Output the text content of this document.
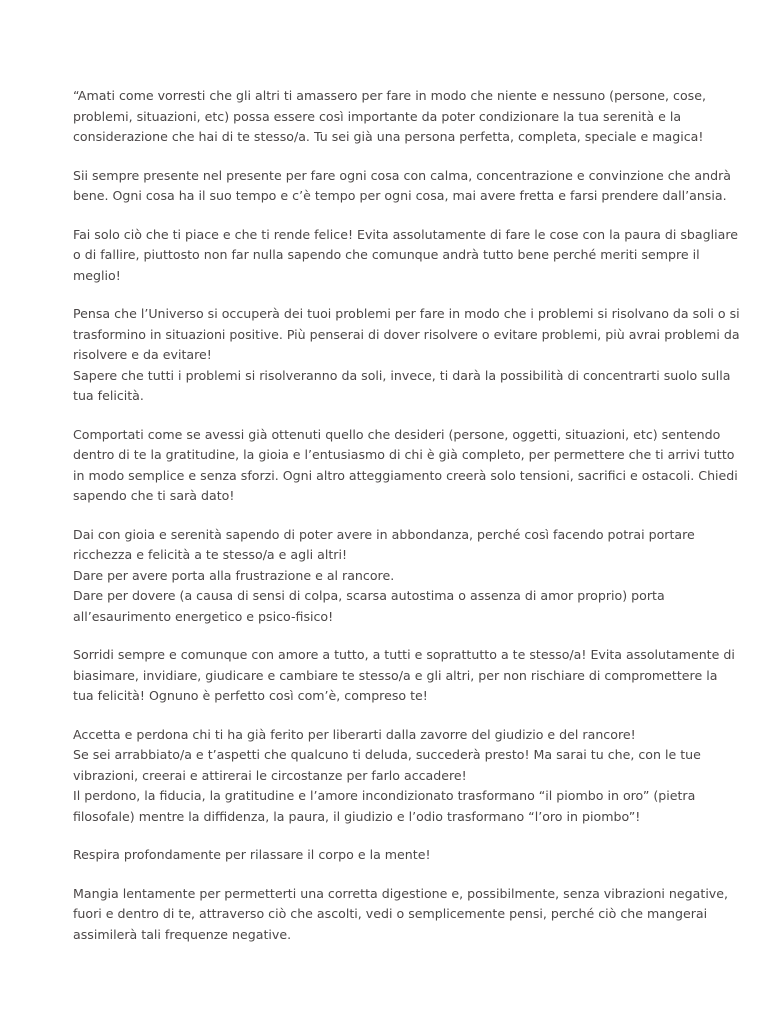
“Amati come vorresti che gli altri ti amassero per fare in modo che niente e nessuno (persone, cose,
problemi, situazioni, etc) possa essere così importante da poter condizionare la tua serenità e la
considerazione che hai di te stesso/a. Tu sei già una persona perfetta, completa, speciale e magica!

Sii sempre presente nel presente per fare ogni cosa con calma, concentrazione e convinzione che andrà
bene. Ogni cosa ha il suo tempo e c’è tempo per ogni cosa, mai avere fretta e farsi prendere dall’ansia.

Fai solo ciò che ti piace e che ti rende felice! Evita assolutamente di fare le cose con la paura di sbagliare
o di fallire, piuttosto non far nulla sapendo che comunque andrà tutto bene perché meriti sempre il
meglio!

Pensa che l’Universo si occuperà dei tuoi problemi per fare in modo che i problemi si risolvano da soli o si
trasformino in situazioni positive. Più penserai di dover risolvere o evitare problemi, più avrai problemi da
risolvere e da evitare!
Sapere che tutti i problemi si risolveranno da soli, invece, ti darà la possibilità di concentrarti suolo sulla
tua felicità.

Comportati come se avessi già ottenuti quello che desideri (persone, oggetti, situazioni, etc) sentendo
dentro di te la gratitudine, la gioia e l’entusiasmo di chi è già completo, per permettere che ti arrivi tutto
in modo semplice e senza sforzi. Ogni altro atteggiamento creerà solo tensioni, sacrifici e ostacoli. Chiedi
sapendo che ti sarà dato!

Dai con gioia e serenità sapendo di poter avere in abbondanza, perché così facendo potrai portare
ricchezza e felicità a te stesso/a e agli altri!
Dare per avere porta alla frustrazione e al rancore.
Dare per dovere (a causa di sensi di colpa, scarsa autostima o assenza di amor proprio) porta
all’esaurimento energetico e psico-fisico!

Sorridi sempre e comunque con amore a tutto, a tutti e soprattutto a te stesso/a! Evita assolutamente di
biasimare, invidiare, giudicare e cambiare te stesso/a e gli altri, per non rischiare di compromettere la
tua felicità! Ognuno è perfetto così com’è, compreso te!

Accetta e perdona chi ti ha già ferito per liberarti dalla zavorre del giudizio e del rancore!
Se sei arrabbiato/a e t’aspetti che qualcuno ti deluda, succederà presto! Ma sarai tu che, con le tue
vibrazioni, creerai e attirerai le circostanze per farlo accadere!
Il perdono, la fiducia, la gratitudine e l’amore incondizionato trasformano “il piombo in oro” (pietra
filosofale) mentre la diffidenza, la paura, il giudizio e l’odio trasformano “l’oro in piombo”!

Respira profondamente per rilassare il corpo e la mente!

Mangia lentamente per permetterti una corretta digestione e, possibilmente, senza vibrazioni negative,
fuori e dentro di te, attraverso ciò che ascolti, vedi o semplicemente pensi, perché ciò che mangerai
assimilerà tali frequenze negative.
